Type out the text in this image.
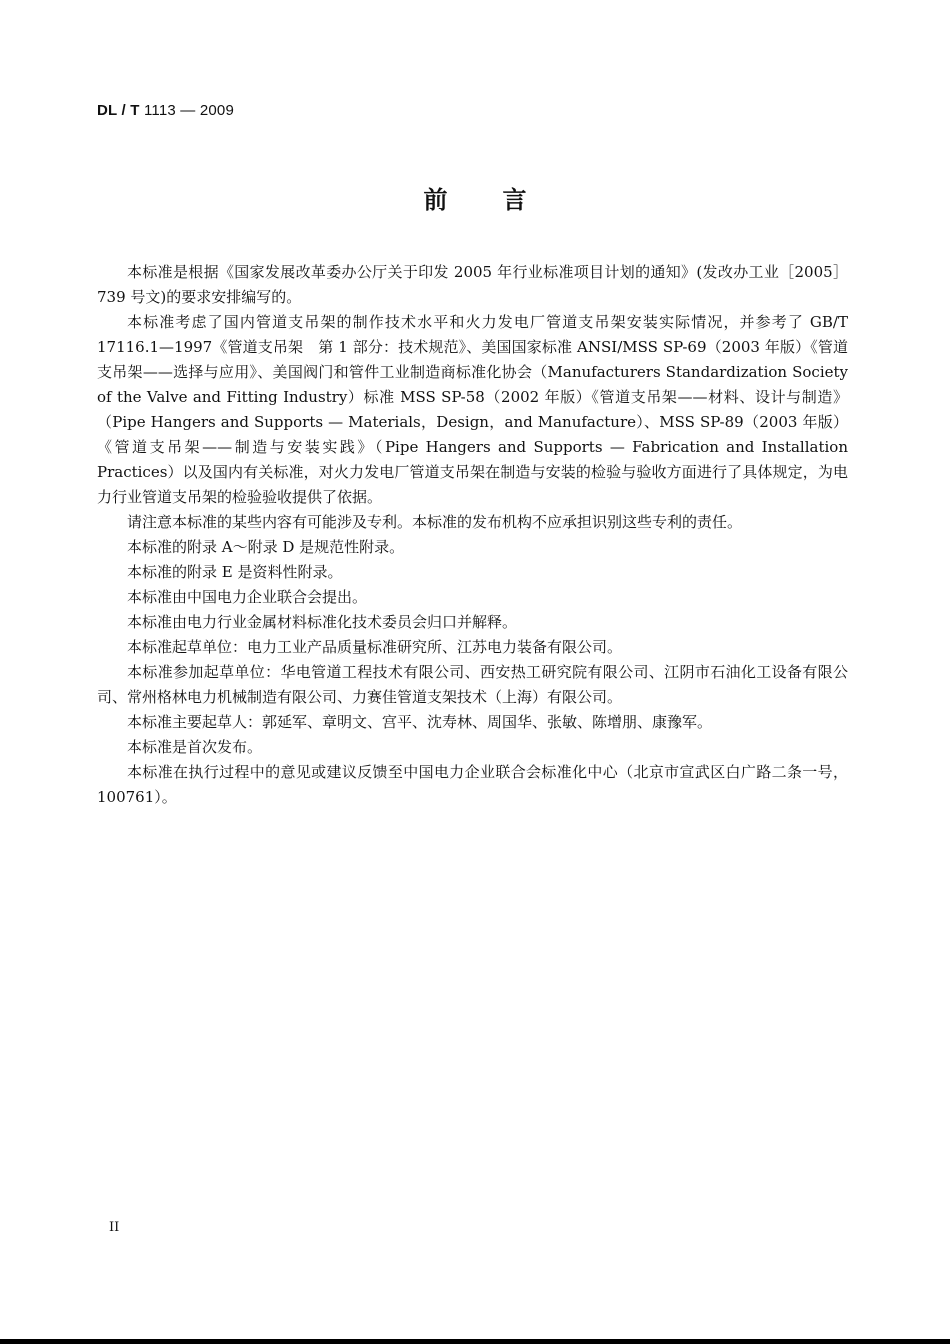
DL / T 1113 — 2009
前 言

本标准是根据《国家发展改革委办公厅关于印发 2005 年行业标准项目计划的通知》(发改办工业［2005］739 号文)的要求安排编写的。

本标准考虑了国内管道支吊架的制作技术水平和火力发电厂管道支吊架安装实际情况，并参考了 GB/T 17116.1—1997《管道支吊架　第 1 部分：技术规范》、美国国家标准 ANSI/MSS SP-69（2003 年版）《管道支吊架——选择与应用》、美国阀门和管件工业制造商标准化协会（Manufacturers Standardization Society of the Valve and Fitting Industry）标准 MSS SP-58（2002 年版）《管道支吊架——材料、设计与制造》（Pipe Hangers and Supports — Materials，Design，and Manufacture）、MSS SP-89（2003 年版）《管道支吊架——制造与安装实践》（Pipe Hangers and Supports — Fabrication and Installation Practices）以及国内有关标准，对火力发电厂管道支吊架在制造与安装的检验与验收方面进行了具体规定，为电力行业管道支吊架的检验验收提供了依据。

请注意本标准的某些内容有可能涉及专利。本标准的发布机构不应承担识别这些专利的责任。

本标准的附录 A～附录 D 是规范性附录。

本标准的附录 E 是资料性附录。

本标准由中国电力企业联合会提出。

本标准由电力行业金属材料标准化技术委员会归口并解释。

本标准起草单位：电力工业产品质量标准研究所、江苏电力装备有限公司。

本标准参加起草单位：华电管道工程技术有限公司、西安热工研究院有限公司、江阴市石油化工设备有限公司、常州格林电力机械制造有限公司、力赛佳管道支架技术（上海）有限公司。

本标准主要起草人：郭延军、章明文、宫平、沈寿林、周国华、张敏、陈增朋、康豫军。

本标准是首次发布。

本标准在执行过程中的意见或建议反馈至中国电力企业联合会标准化中心（北京市宣武区白广路二条一号，100761）。

II
